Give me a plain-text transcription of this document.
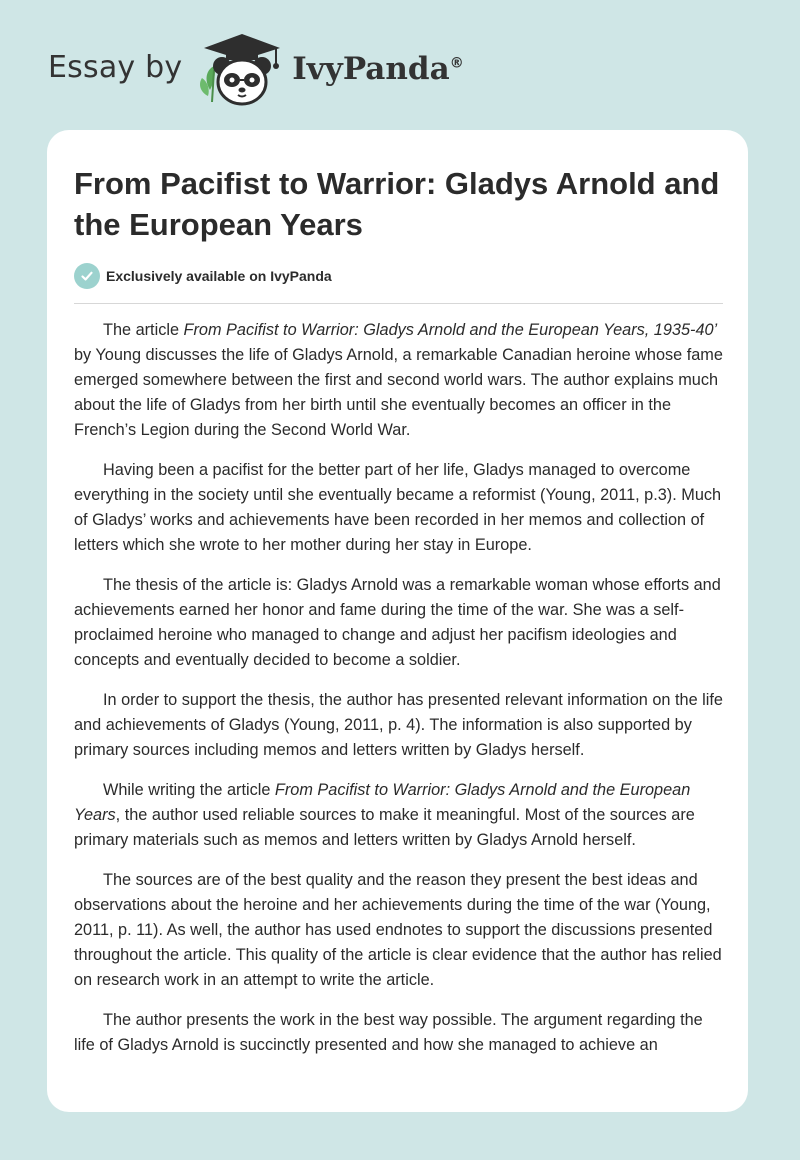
Essay by	IvyPanda®
From Pacifist to Warrior: Gladys Arnold and the European Years
Exclusively available on IvyPanda

The article From Pacifist to Warrior: Gladys Arnold and the European Years, 1935-40’ by Young discusses the life of Gladys Arnold, a remarkable Canadian heroine whose fame emerged somewhere between the first and second world wars. The author explains much about the life of Gladys from her birth until she eventually becomes an officer in the French’s Legion during the Second World War.

Having been a pacifist for the better part of her life, Gladys managed to overcome everything in the society until she eventually became a reformist (Young, 2011, p.3). Much of Gladys’ works and achievements have been recorded in her memos and collection of letters which she wrote to her mother during her stay in Europe.

The thesis of the article is: Gladys Arnold was a remarkable woman whose efforts and achievements earned her honor and fame during the time of the war. She was a self-proclaimed heroine who managed to change and adjust her pacifism ideologies and concepts and eventually decided to become a soldier.

In order to support the thesis, the author has presented relevant information on the life and achievements of Gladys (Young, 2011, p. 4). The information is also supported by primary sources including memos and letters written by Gladys herself.

While writing the article From Pacifist to Warrior: Gladys Arnold and the European Years, the author used reliable sources to make it meaningful. Most of the sources are primary materials such as memos and letters written by Gladys Arnold herself.

The sources are of the best quality and the reason they present the best ideas and observations about the heroine and her achievements during the time of the war (Young, 2011, p. 11). As well, the author has used endnotes to support the discussions presented throughout the article. This quality of the article is clear evidence that the author has relied on research work in an attempt to write the article.

The author presents the work in the best way possible. The argument regarding the life of Gladys Arnold is succinctly presented and how she managed to achieve an
